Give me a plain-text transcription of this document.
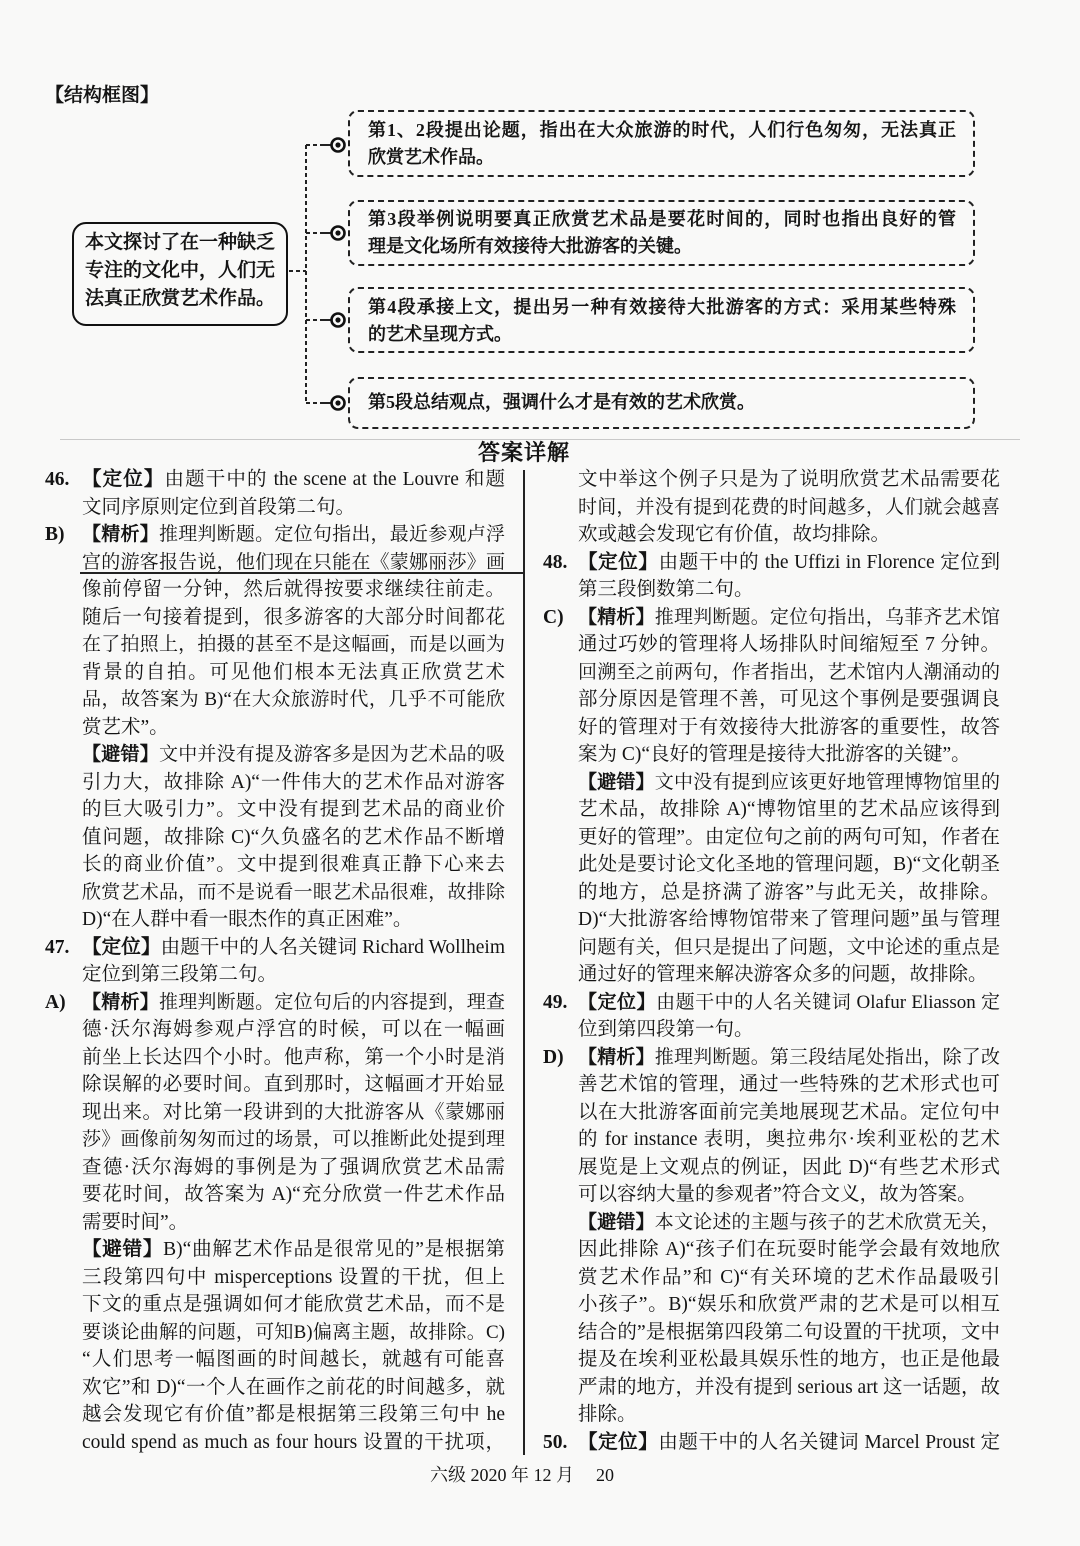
【结构框图】
本文探讨了在一种缺乏
专注的文化中，人们无
法真正欣赏艺术作品。
第1、2段提出论题，指出在大众旅游的时代，人们行色匆匆，无法真正
欣赏艺术作品。
第3段举例说明要真正欣赏艺术品是要花时间的，同时也指出良好的管
理是文化场所有效接待大批游客的关键。
第4段承接上文，提出另一种有效接待大批游客的方式：采用某些特殊
的艺术呈现方式。
第5段总结观点，强调什么才是有效的艺术欣赏。
答案详解
46. 【定位】由题干中的 the scene at the Louvre 和题
文同序原则定位到首段第二句。
B) 【精析】推理判断题。定位句指出，最近参观卢浮
宫的游客报告说，他们现在只能在《蒙娜丽莎》画
像前停留一分钟，然后就得按要求继续往前走。
随后一句接着提到，很多游客的大部分时间都花
在了拍照上，拍摄的甚至不是这幅画，而是以画为
背景的自拍。可见他们根本无法真正欣赏艺术
品，故答案为 B)“在大众旅游时代，几乎不可能欣
赏艺术”。
【避错】文中并没有提及游客多是因为艺术品的吸
引力大，故排除 A)“一件伟大的艺术作品对游客
的巨大吸引力”。文中没有提到艺术品的商业价
值问题，故排除 C)“久负盛名的艺术作品不断增
长的商业价值”。文中提到很难真正静下心来去
欣赏艺术品，而不是说看一眼艺术品很难，故排除
D)“在人群中看一眼杰作的真正困难”。
47. 【定位】由题干中的人名关键词 Richard Wollheim
定位到第三段第二句。
A) 【精析】推理判断题。定位句后的内容提到，理查
德·沃尔海姆参观卢浮宫的时候，可以在一幅画
前坐上长达四个小时。他声称，第一个小时是消
除误解的必要时间。直到那时，这幅画才开始显
现出来。对比第一段讲到的大批游客从《蒙娜丽
莎》画像前匆匆而过的场景，可以推断此处提到理
查德·沃尔海姆的事例是为了强调欣赏艺术品需
要花时间，故答案为 A)“充分欣赏一件艺术作品
需要时间”。
【避错】B)“曲解艺术作品是很常见的”是根据第
三段第四句中 misperceptions 设置的干扰，但上
下文的重点是强调如何才能欣赏艺术品，而不是
要谈论曲解的问题，可知B)偏离主题，故排除。C)
“人们思考一幅图画的时间越长，就越有可能喜
欢它”和 D)“一个人在画作之前花的时间越多，就
越会发现它有价值”都是根据第三段第三句中 he
could spend as much as four hours 设置的干扰项，
文中举这个例子只是为了说明欣赏艺术品需要花
时间，并没有提到花费的时间越多，人们就会越喜
欢或越会发现它有价值，故均排除。
48. 【定位】由题干中的 the Uffizi in Florence 定位到
第三段倒数第二句。
C) 【精析】推理判断题。定位句指出，乌菲齐艺术馆
通过巧妙的管理将人场排队时间缩短至 7 分钟。
回溯至之前两句，作者指出，艺术馆内人潮涌动的
部分原因是管理不善，可见这个事例是要强调良
好的管理对于有效接待大批游客的重要性，故答
案为 C)“良好的管理是接待大批游客的关键”。
【避错】文中没有提到应该更好地管理博物馆里的
艺术品，故排除 A)“博物馆里的艺术品应该得到
更好的管理”。由定位句之前的两句可知，作者在
此处是要讨论文化圣地的管理问题，B)“文化朝圣
的地方，总是挤满了游客”与此无关，故排除。
D)“大批游客给博物馆带来了管理问题”虽与管理
问题有关，但只是提出了问题，文中论述的重点是
通过好的管理来解决游客众多的问题，故排除。
49. 【定位】由题干中的人名关键词 Olafur Eliasson 定
位到第四段第一句。
D) 【精析】推理判断题。第三段结尾处指出，除了改
善艺术馆的管理，通过一些特殊的艺术形式也可
以在大批游客面前完美地展现艺术品。定位句中
的 for instance 表明，奥拉弗尔·埃利亚松的艺术
展览是上文观点的例证，因此 D)“有些艺术形式
可以容纳大量的参观者”符合文义，故为答案。
【避错】本文论述的主题与孩子的艺术欣赏无关，
因此排除 A)“孩子们在玩耍时能学会最有效地欣
赏艺术作品”和 C)“有关环境的艺术作品最吸引
小孩子”。B)“娱乐和欣赏严肃的艺术是可以相互
结合的”是根据第四段第二句设置的干扰项，文中
提及在埃利亚松最具娱乐性的地方，也正是他最
严肃的地方，并没有提到 serious art 这一话题，故
排除。
50. 【定位】由题干中的人名关键词 Marcel Proust 定
六级 2020 年 12 月 20
